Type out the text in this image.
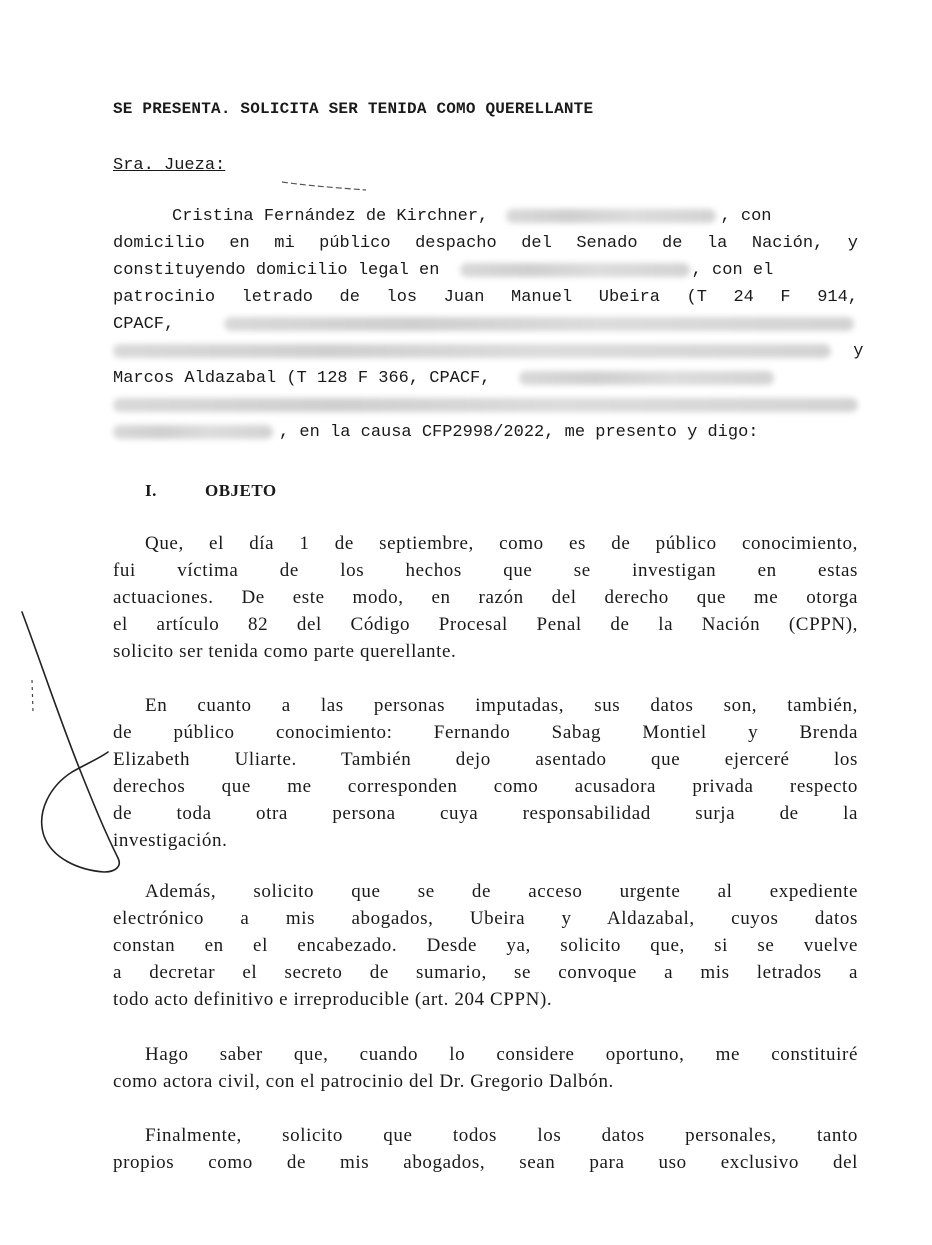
SE PRESENTA. SOLICITA SER TENIDA COMO QUERELLANTE
Sra. Jueza:
Cristina Fernández de Kirchner,	, con
domicilio en mi público despacho del Senado de la Nación, y
constituyendo domicilio legal en	, con el
patrocinio letrado de los Juan Manuel Ubeira (T 24 F 914,
CPACF,
y
Marcos Aldazabal (T 128 F 366, CPACF,
, en la causa CFP2998/2022, me presento y digo:
I.	OBJETO
Que, el día 1 de septiembre, como es de público conocimiento,
fui víctima de los hechos que se investigan en estas
actuaciones. De este modo, en razón del derecho que me otorga
el artículo 82 del Código Procesal Penal de la Nación (CPPN),
solicito ser tenida como parte querellante.
En cuanto a las personas imputadas, sus datos son, también,
de público conocimiento: Fernando Sabag Montiel y Brenda
Elizabeth Uliarte. También dejo asentado que ejerceré los
derechos que me corresponden como acusadora privada respecto
de toda otra persona cuya responsabilidad surja de la
investigación.
Además, solicito que se de acceso urgente al expediente
electrónico a mis abogados, Ubeira y Aldazabal, cuyos datos
constan en el encabezado. Desde ya, solicito que, si se vuelve
a decretar el secreto de sumario, se convoque a mis letrados a
todo acto definitivo e irreproducible (art. 204 CPPN).
Hago saber que, cuando lo considere oportuno, me constituiré
como actora civil, con el patrocinio del Dr. Gregorio Dalbón.
Finalmente, solicito que todos los datos personales, tanto
propios como de mis abogados, sean para uso exclusivo del
